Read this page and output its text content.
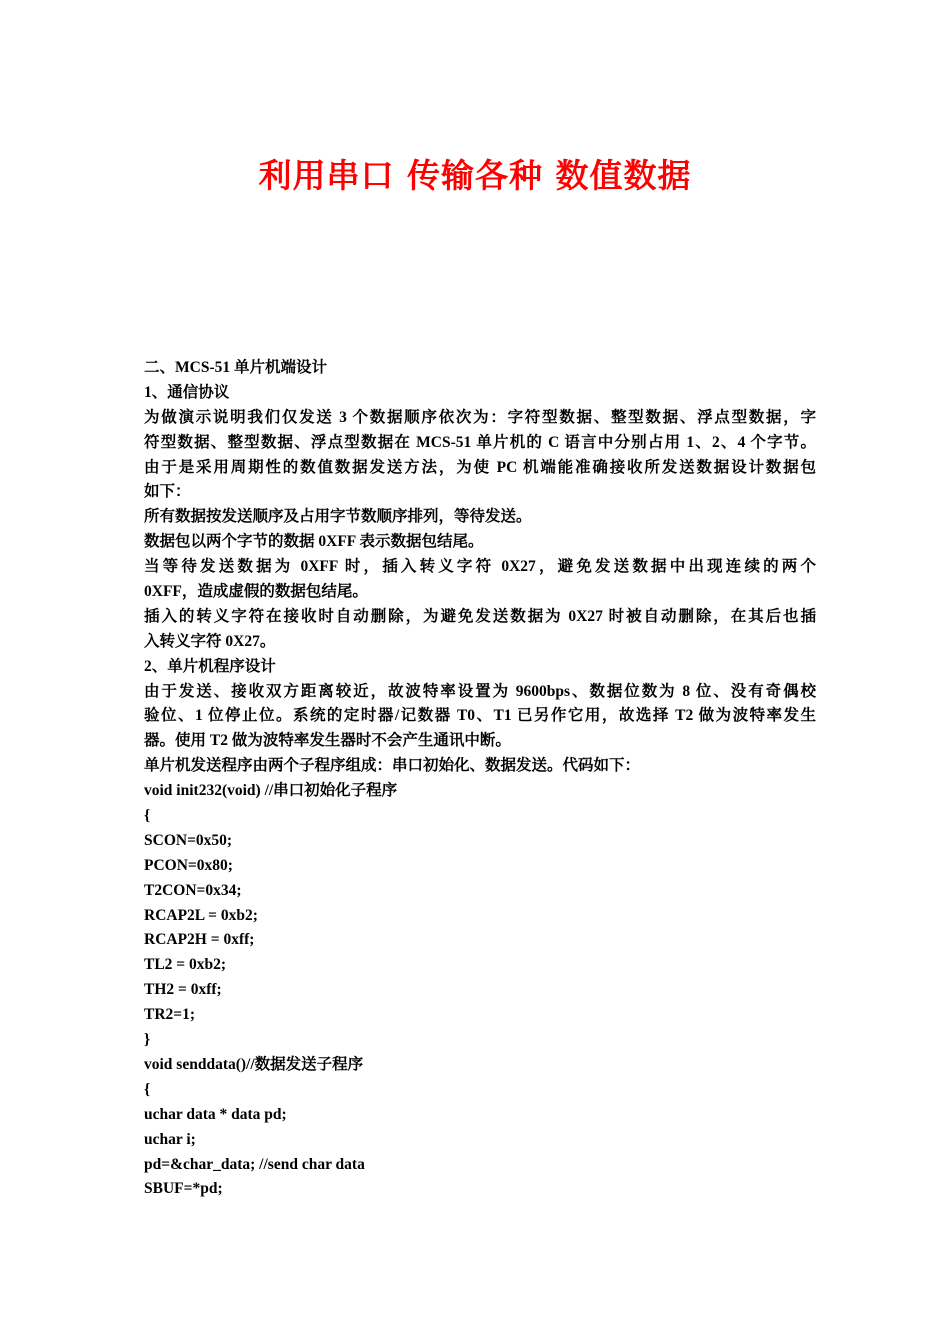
利用串口 传输各种 数值数据

二、MCS-51 单片机端设计

1、通信协议

为做演示说明我们仅发送 3 个数据顺序依次为：字符型数据、整型数据、浮点型数据，字

符型数据、整型数据、浮点型数据在 MCS-51 单片机的 C 语言中分别占用 1、2、4 个字节。

由于是采用周期性的数值数据发送方法，为使 PC 机端能准确接收所发送数据设计数据包

如下：

所有数据按发送顺序及占用字节数顺序排列，等待发送。

数据包以两个字节的数据 0XFF 表示数据包结尾。

当等待发送数据为 0XFF 时，插入转义字符 0X27，避免发送数据中出现连续的两个

0XFF，造成虚假的数据包结尾。

插入的转义字符在接收时自动删除，为避免发送数据为 0X27 时被自动删除，在其后也插

入转义字符 0X27。

2、单片机程序设计

由于发送、接收双方距离较近，故波特率设置为 9600bps、数据位数为 8 位、没有奇偶校

验位、1 位停止位。系统的定时器/记数器 T0、T1 已另作它用，故选择 T2 做为波特率发生

器。使用 T2 做为波特率发生器时不会产生通讯中断。

单片机发送程序由两个子程序组成：串口初始化、数据发送。代码如下：

void init232(void) //串口初始化子程序

{

SCON=0x50;

PCON=0x80;

T2CON=0x34;

RCAP2L = 0xb2;

RCAP2H = 0xff;

TL2 = 0xb2;

TH2 = 0xff;

TR2=1;

}

void senddata()//数据发送子程序

{

uchar data * data pd;

uchar i;

pd=&char_data; //send char data

SBUF=*pd;
